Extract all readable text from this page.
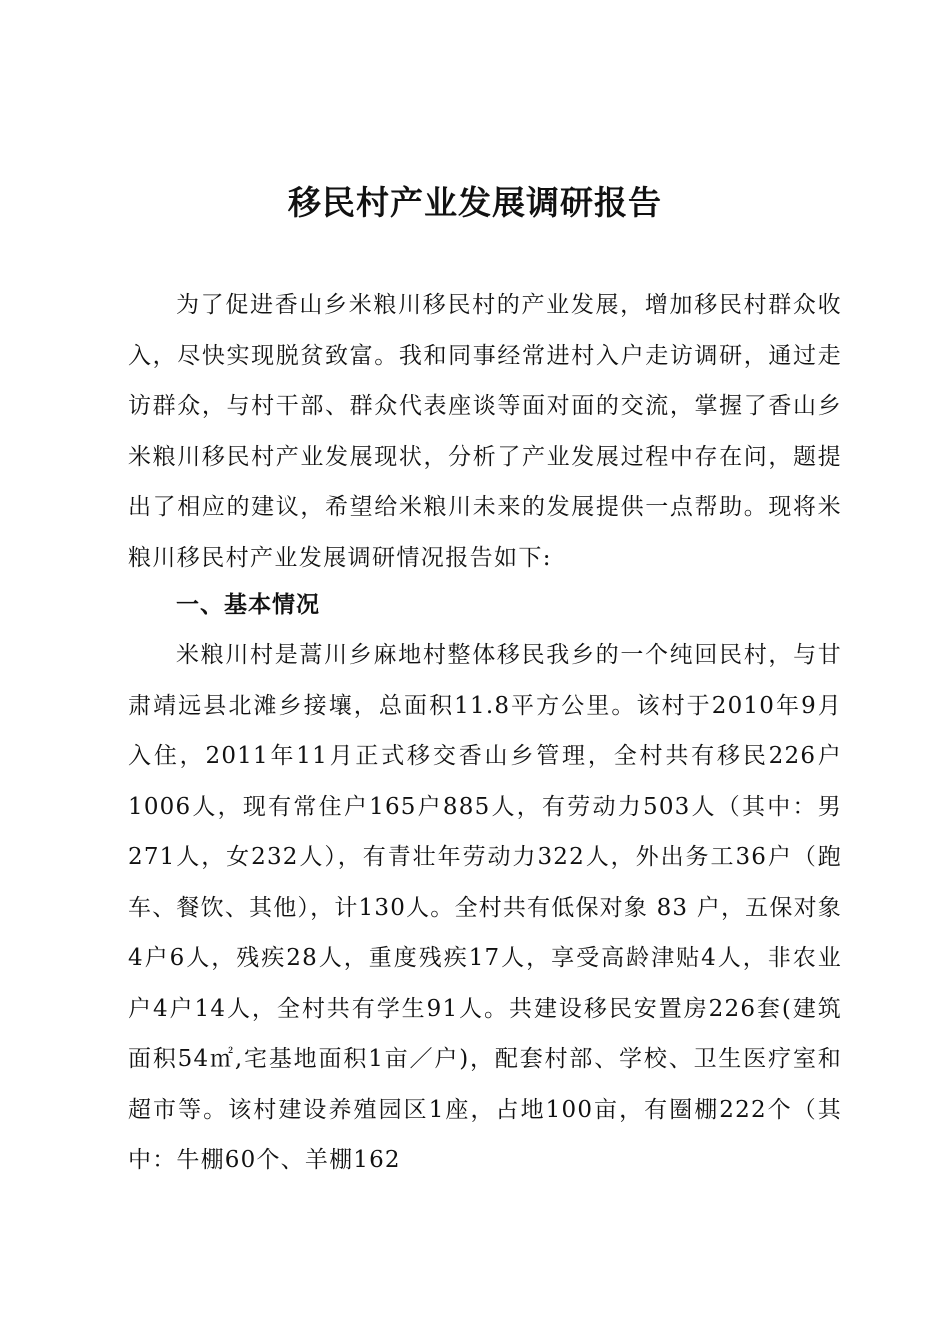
移民村产业发展调研报告
为了促进香山乡米粮川移民村的产业发展，增加移民村群众收入，尽快实现脱贫致富。我和同事经常进村入户走访调研，通过走访群众，与村干部、群众代表座谈等面对面的交流，掌握了香山乡米粮川移民村产业发展现状，分析了产业发展过程中存在问，题提出了相应的建议，希望给米粮川未来的发展提供一点帮助。现将米粮川移民村产业发展调研情况报告如下:
一、基本情况
米粮川村是蒿川乡麻地村整体移民我乡的一个纯回民村，与甘肃靖远县北滩乡接壤，总面积11.8平方公里。该村于2010年9月入住，2011年11月正式移交香山乡管理，全村共有移民226户1006人，现有常住户165户885人，有劳动力503人（其中：男271人，女232人），有青壮年劳动力322人，外出务工36户（跑车、餐饮、其他），计130人。全村共有低保对象 83 户，五保对象4户6人，残疾28人，重度残疾17人，享受高龄津贴4人，非农业户4户14人，全村共有学生91人。共建设移民安置房226套(建筑面积54㎡,宅基地面积1亩／户)，配套村部、学校、卫生医疗室和超市等。该村建设养殖园区1座，占地100亩，有圈棚222个（其中：牛棚60个、羊棚162
